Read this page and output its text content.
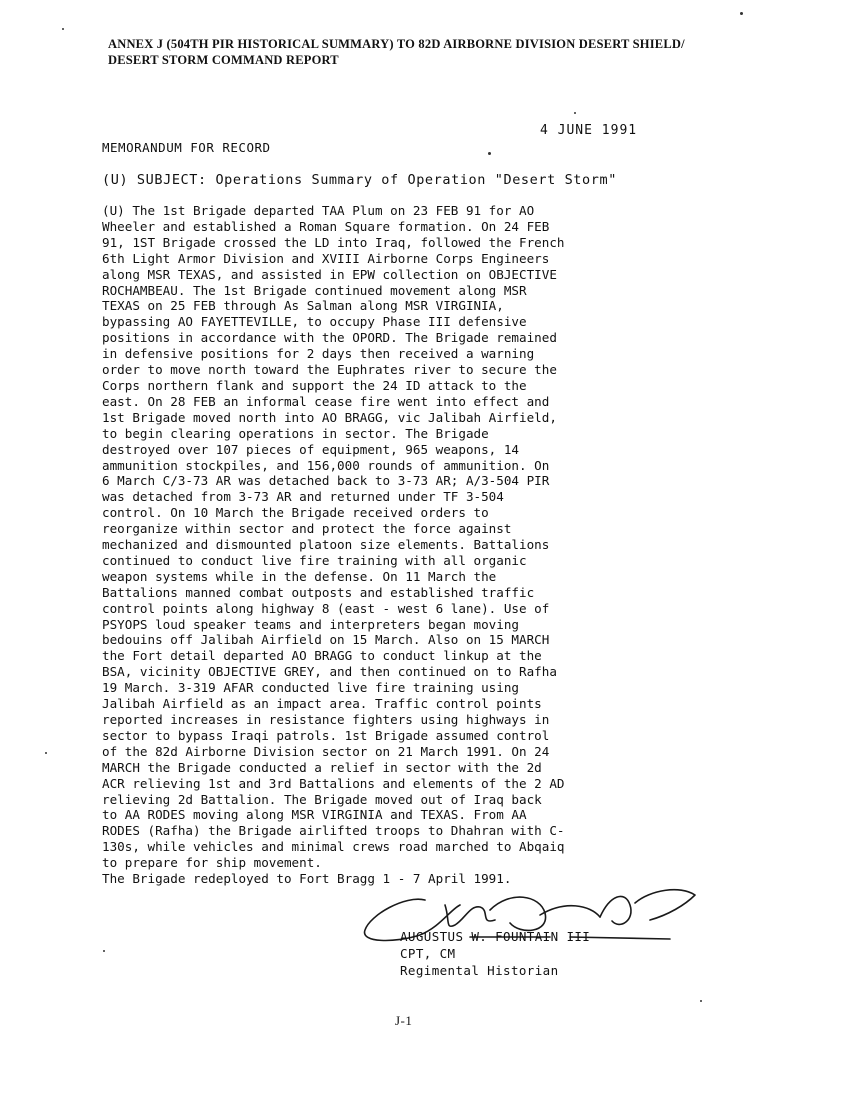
ANNEX J (504TH PIR HISTORICAL SUMMARY) TO 82D AIRBORNE DIVISION DESERT SHIELD/
DESERT STORM COMMAND REPORT
4 JUNE 1991
MEMORANDUM FOR RECORD
(U) SUBJECT: Operations Summary of Operation "Desert Storm"
(U) The 1st Brigade departed TAA Plum on 23 FEB 91 for AO
Wheeler and established a Roman Square formation. On 24 FEB
91, 1ST Brigade crossed the LD into Iraq, followed the French
6th Light Armor Division and XVIII Airborne Corps Engineers
along MSR TEXAS, and assisted in EPW collection on OBJECTIVE
ROCHAMBEAU. The 1st Brigade continued movement along MSR
TEXAS on 25 FEB through As Salman along MSR VIRGINIA,
bypassing AO FAYETTEVILLE, to occupy Phase III defensive
positions in accordance with the OPORD. The Brigade remained
in defensive positions for 2 days then received a warning
order to move north toward the Euphrates river to secure the
Corps northern flank and support the 24 ID attack to the
east. On 28 FEB an informal cease fire went into effect and
1st Brigade moved north into AO BRAGG, vic Jalibah Airfield,
to begin clearing operations in sector. The Brigade
destroyed over 107 pieces of equipment, 965 weapons, 14
ammunition stockpiles, and 156,000 rounds of ammunition. On
6 March C/3-73 AR was detached back to 3-73 AR; A/3-504 PIR
was detached from 3-73 AR and returned under TF 3-504
control. On 10 March the Brigade received orders to
reorganize within sector and protect the force against
mechanized and dismounted platoon size elements. Battalions
continued to conduct live fire training with all organic
weapon systems while in the defense. On 11 March the
Battalions manned combat outposts and established traffic
control points along highway 8 (east - west 6 lane). Use of
PSYOPS loud speaker teams and interpreters began moving
bedouins off Jalibah Airfield on 15 March. Also on 15 MARCH
the Fort detail departed AO BRAGG to conduct linkup at the
BSA, vicinity OBJECTIVE GREY, and then continued on to Rafha
19 March. 3-319 AFAR conducted live fire training using
Jalibah Airfield as an impact area. Traffic control points
reported increases in resistance fighters using highways in
sector to bypass Iraqi patrols. 1st Brigade assumed control
of the 82d Airborne Division sector on 21 March 1991. On 24
MARCH the Brigade conducted a relief in sector with the 2d
ACR relieving 1st and 3rd Battalions and elements of the 2 AD
relieving 2d Battalion. The Brigade moved out of Iraq back
to AA RODES moving along MSR VIRGINIA and TEXAS. From AA
RODES (Rafha) the Brigade airlifted troops to Dhahran with C-
130s, while vehicles and minimal crews road marched to Abqaiq
to prepare for ship movement.
The Brigade redeployed to Fort Bragg 1 - 7 April 1991.
AUGUSTUS W. FOUNTAIN III
CPT, CM
Regimental Historian
J-1
